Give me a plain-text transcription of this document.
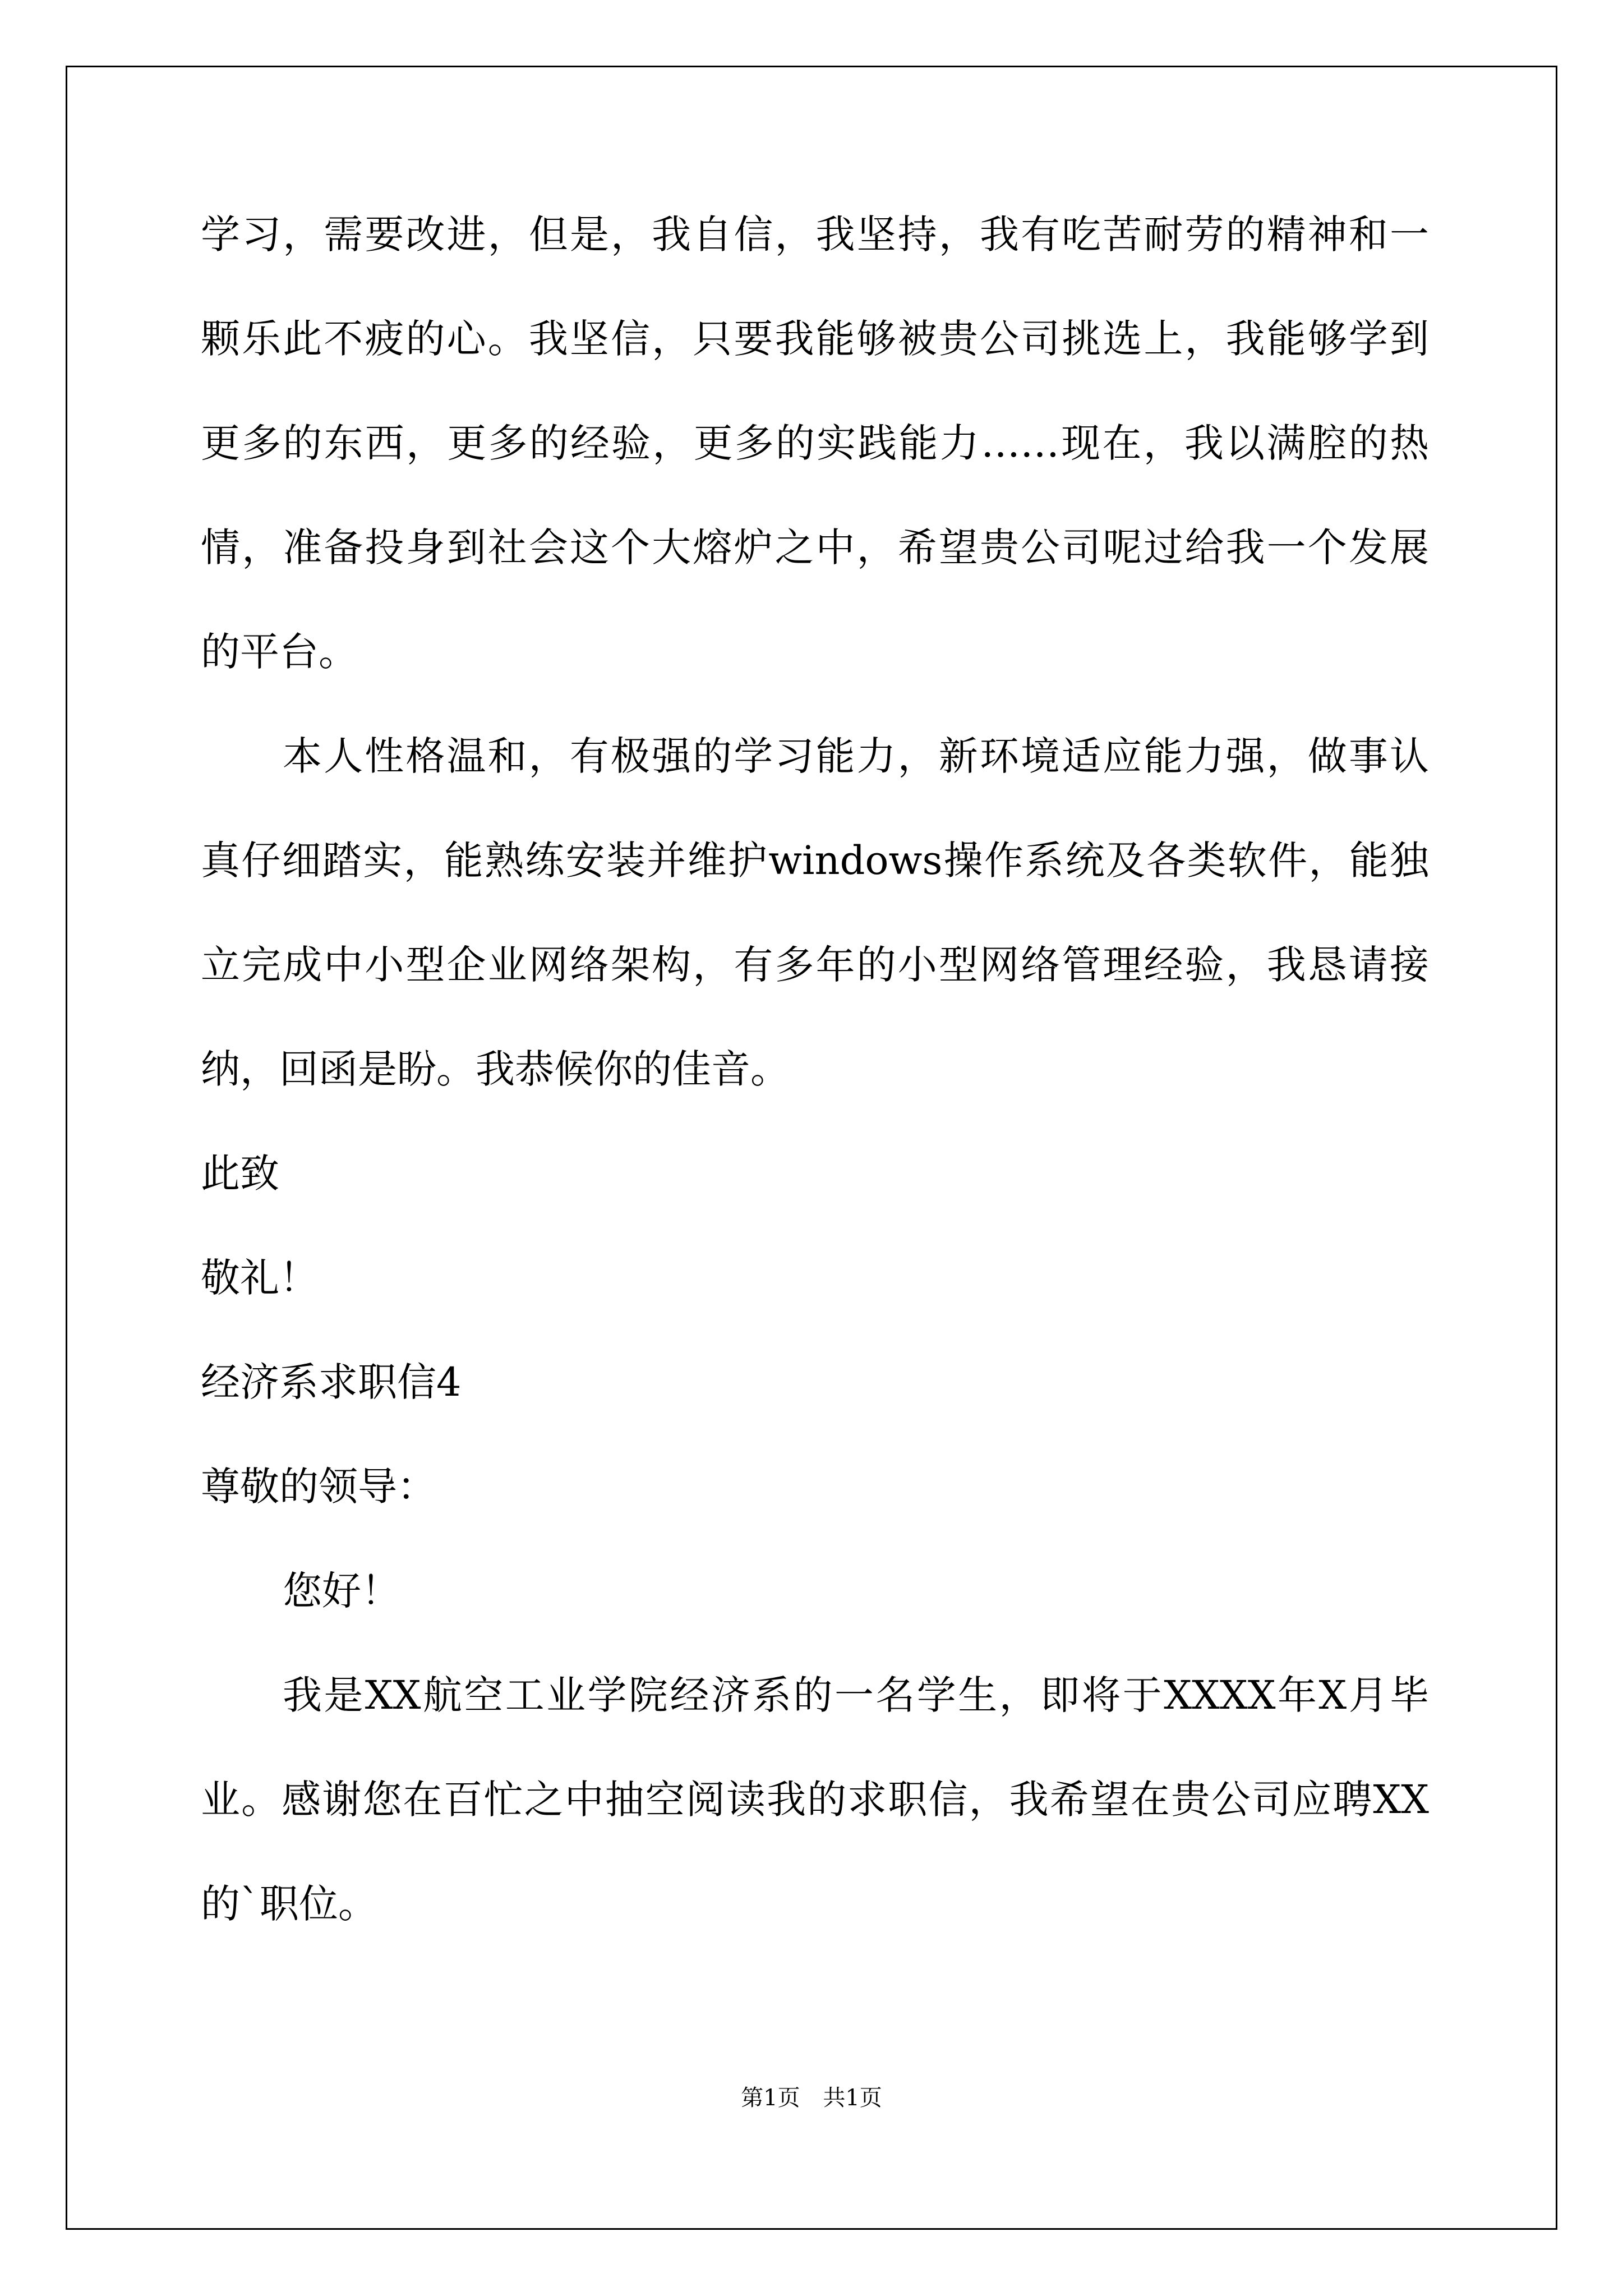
学习，需要改进，但是，我自信，我坚持，我有吃苦耐劳的精神和一
颗乐此不疲的心。我坚信，只要我能够被贵公司挑选上，我能够学到
更多的东西，更多的经验，更多的实践能力……现在，我以满腔的热
情，准备投身到社会这个大熔炉之中，希望贵公司呢过给我一个发展
的平台。
本人性格温和，有极强的学习能力，新环境适应能力强，做事认
真仔细踏实，能熟练安装并维护windows操作系统及各类软件，能独
立完成中小型企业网络架构，有多年的小型网络管理经验，我恳请接
纳，回函是盼。我恭候你的佳音。
此致
敬礼！
经济系求职信4
尊敬的领导：
您好！
我是XX航空工业学院经济系的一名学生，即将于XXXX年X月毕
业。感谢您在百忙之中抽空阅读我的求职信，我希望在贵公司应聘XX
的`职位。
第1页 共1页
